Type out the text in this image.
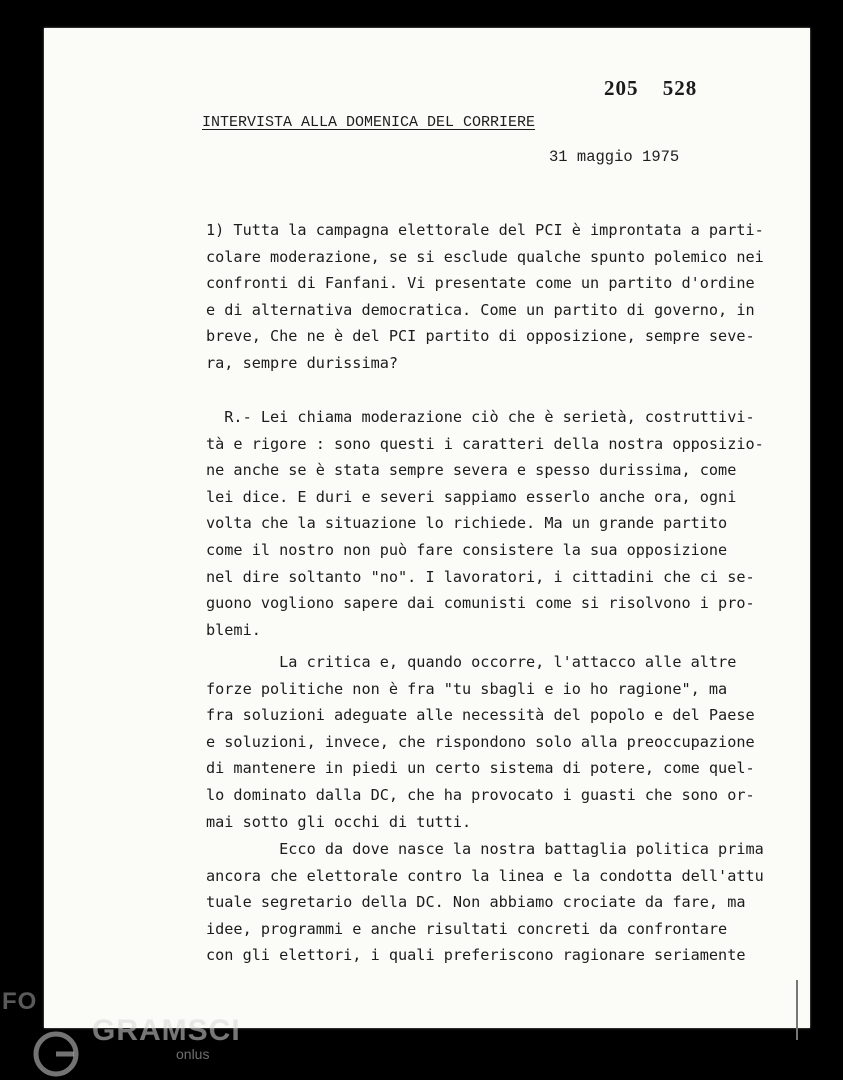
205 528
INTERVISTA ALLA DOMENICA DEL CORRIERE
31 maggio 1975
1) Tutta la campagna elettorale del PCI è improntata a parti-
colare moderazione, se si esclude qualche spunto polemico nei
confronti di Fanfani. Vi presentate come un partito d'ordine
e di alternativa democratica. Come un partito di governo, in
breve, Che ne è del PCI partito di opposizione, sempre seve-
ra, sempre durissima?
R.- Lei chiama moderazione ciò che è serietà, costruttivi-
tà e rigore : sono questi i caratteri della nostra opposizio-
ne anche se è stata sempre severa e spesso durissima, come
lei dice. E duri e severi sappiamo esserlo anche ora, ogni
volta che la situazione lo richiede. Ma un grande partito
come il nostro non può fare consistere la sua opposizione
nel dire soltanto "no". I lavoratori, i cittadini che ci se-
guono vogliono sapere dai comunisti come si risolvono i pro-
blemi.
La critica e, quando occorre, l'attacco alle altre
forze politiche non è fra "tu sbagli e io ho ragione", ma
fra soluzioni adeguate alle necessità del popolo e del Paese
e soluzioni, invece, che rispondono solo alla preoccupazione
di mantenere in piedi un certo sistema di potere, come quel-
lo dominato dalla DC, che ha provocato i guasti che sono or-
mai sotto gli occhi di tutti.
Ecco da dove nasce la nostra battaglia politica prima
ancora che elettorale contro la linea e la condotta dell'attu
tuale segretario della DC. Non abbiamo crociate da fare, ma
idee, programmi e anche risultati concreti da confrontare
con gli elettori, i quali preferiscono ragionare seriamente
FO
GRAMSCI
onlus
